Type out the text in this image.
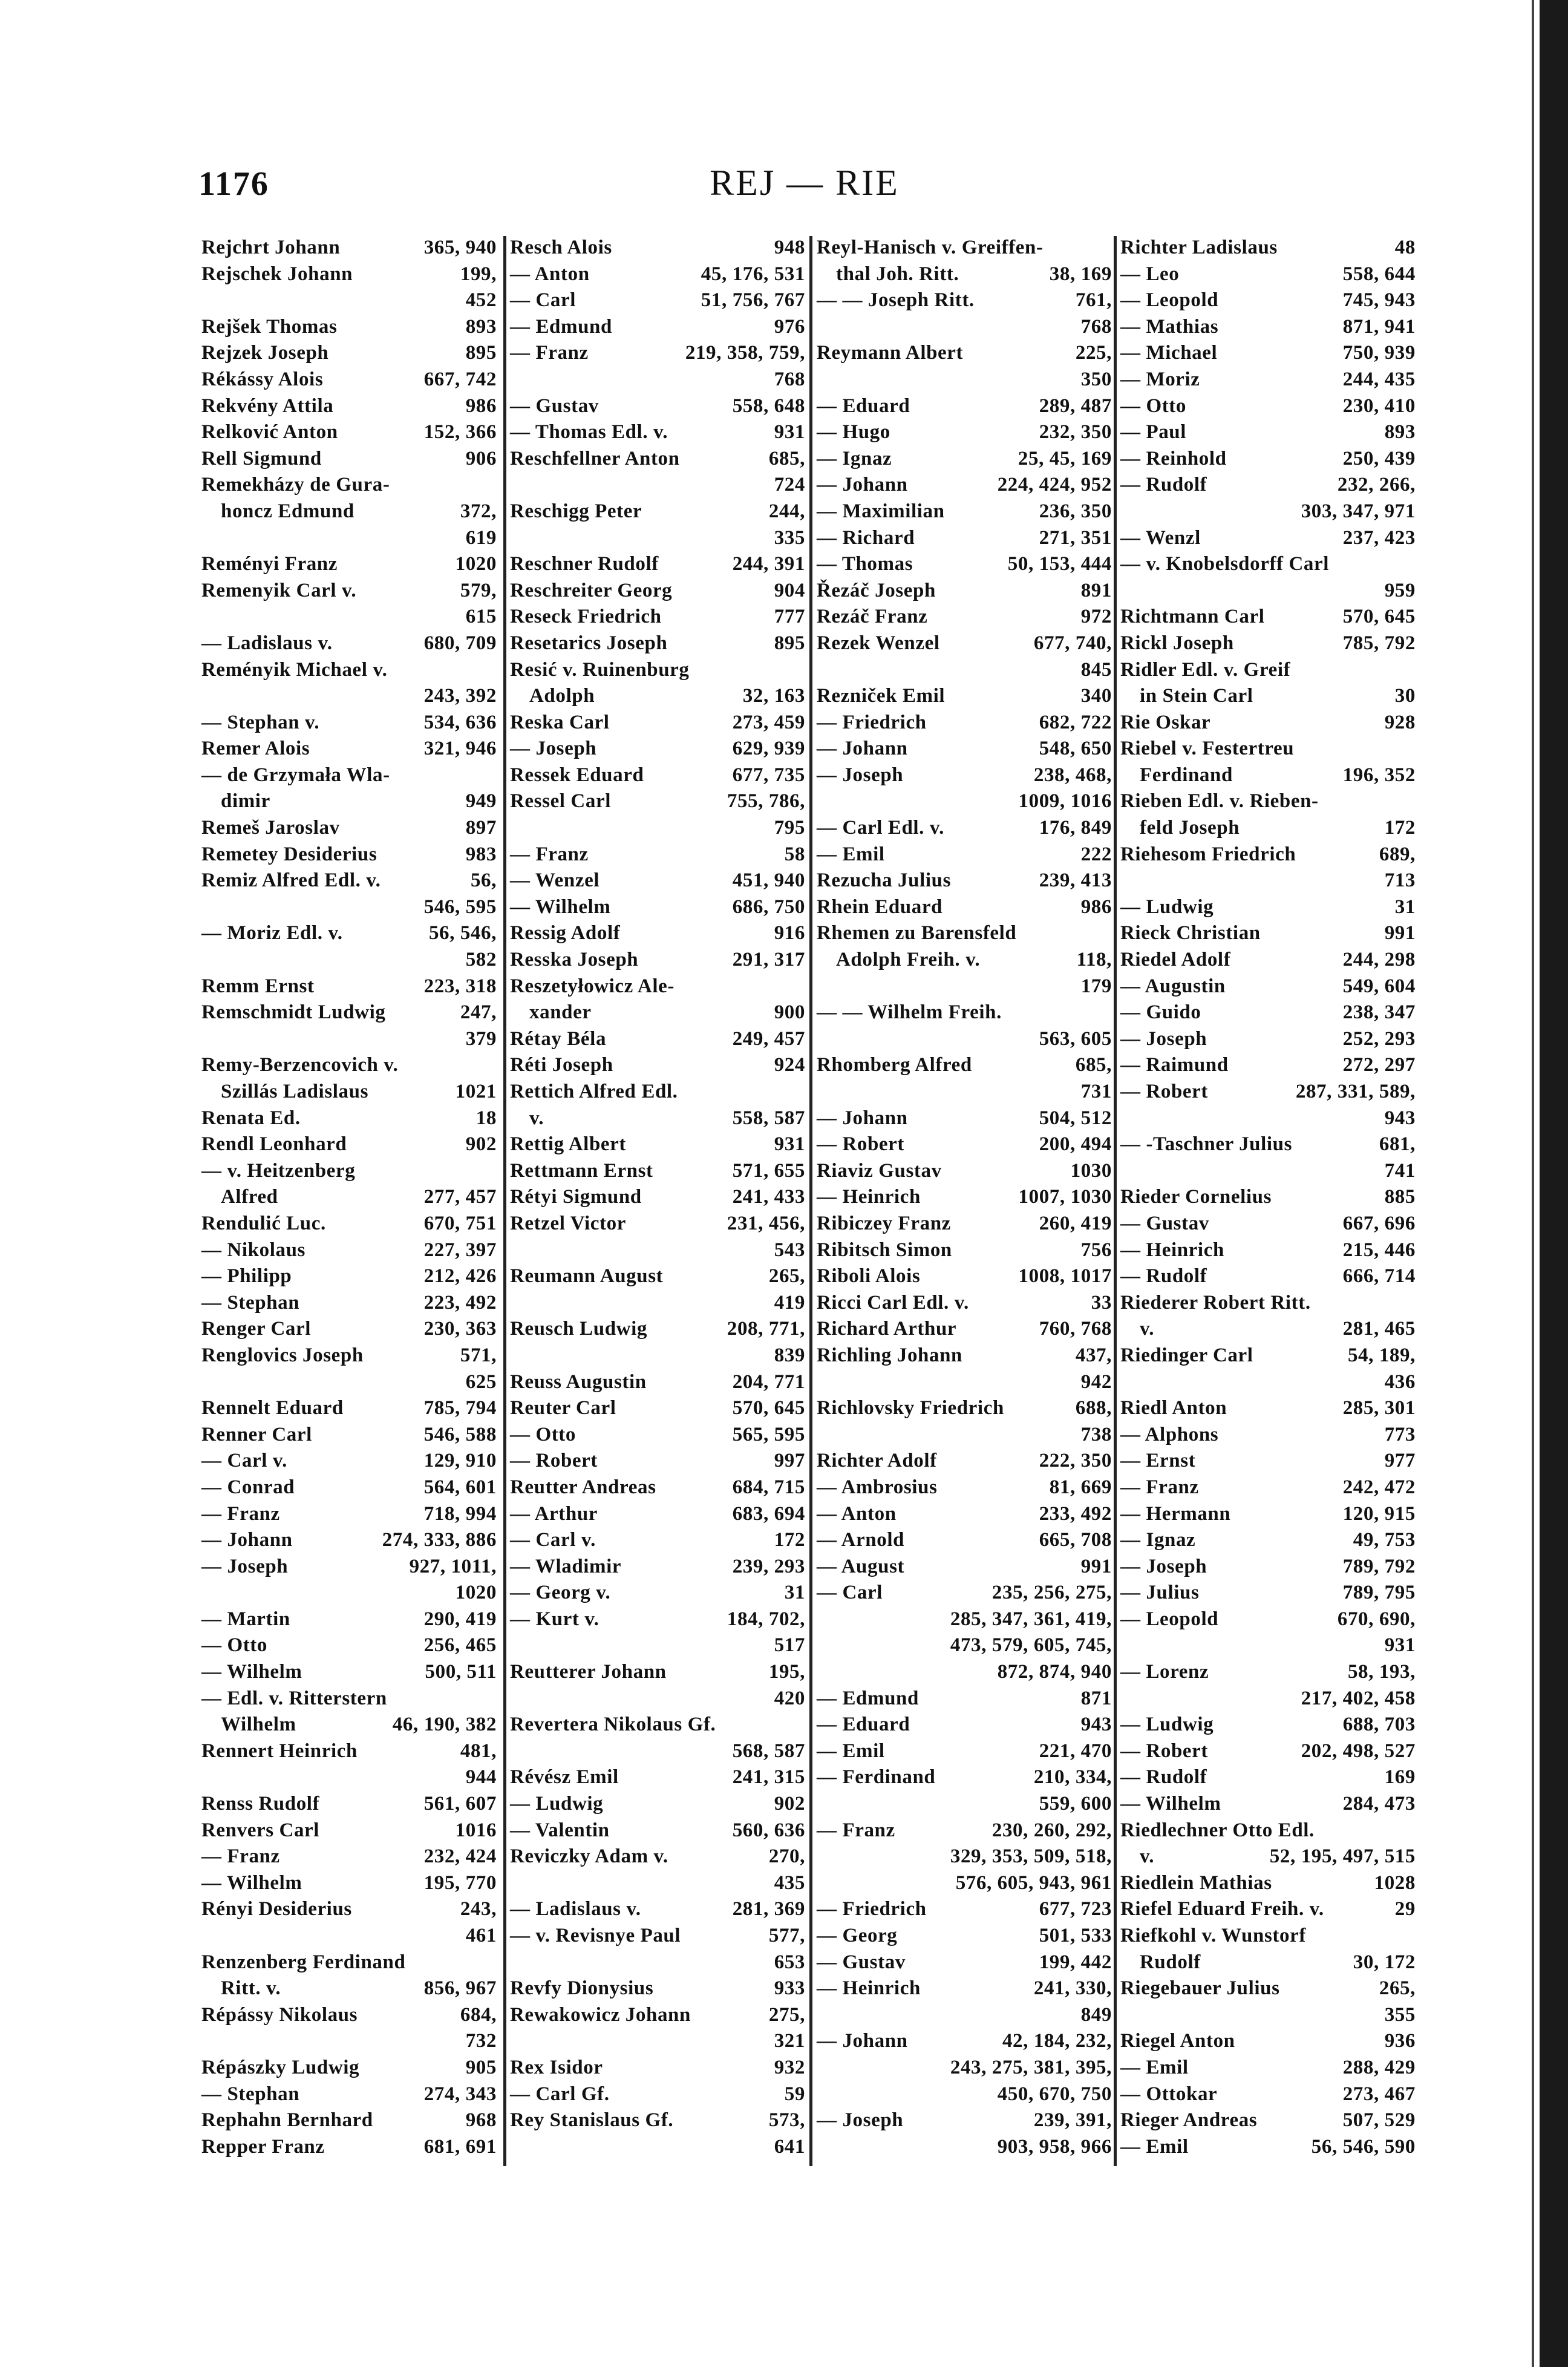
1176	REJ — RIE
Rejchrt Johann	365, 940
Rejschek Johann	199,
452
Rejšek Thomas	893
Rejzek Joseph	895
Rékássy Alois	667, 742
Rekvény Attila	986
Relković Anton	152, 366
Rell Sigmund	906
Remekházy de Gura-
honcz Edmund	372,
619
Reményi Franz	1020
Remenyik Carl v.	579,
615
— Ladislaus v.	680, 709
Reményik Michael v.
243, 392
— Stephan v.	534, 636
Remer Alois	321, 946
— de Grzymała Wla-
dimir	949
Remeš Jaroslav	897
Remetey Desiderius	983
Remiz Alfred Edl. v.	56,
546, 595
— Moriz Edl. v.	56, 546,
582
Remm Ernst	223, 318
Remschmidt Ludwig	247,
379
Remy-Berzencovich v.
Szillás Ladislaus	1021
Renata Ed.	18
Rendl Leonhard	902
— v. Heitzenberg
Alfred	277, 457
Rendulić Luc.	670, 751
— Nikolaus	227, 397
— Philipp	212, 426
— Stephan	223, 492
Renger Carl	230, 363
Renglovics Joseph	571,
625
Rennelt Eduard	785, 794
Renner Carl	546, 588
— Carl v.	129, 910
— Conrad	564, 601
— Franz	718, 994
— Johann	274, 333, 886
— Joseph	927, 1011,
1020
— Martin	290, 419
— Otto	256, 465
— Wilhelm	500, 511
— Edl. v. Ritterstern
Wilhelm	46, 190, 382
Rennert Heinrich	481,
944
Renss Rudolf	561, 607
Renvers Carl	1016
— Franz	232, 424
— Wilhelm	195, 770
Rényi Desiderius	243,
461
Renzenberg Ferdinand
Ritt. v.	856, 967
Répássy Nikolaus	684,
732
Répászky Ludwig	905
— Stephan	274, 343
Rephahn Bernhard	968
Repper Franz	681, 691
Resch Alois	948
— Anton	45, 176, 531
— Carl	51, 756, 767
— Edmund	976
— Franz	219, 358, 759,
768
— Gustav	558, 648
— Thomas Edl. v.	931
Reschfellner Anton	685,
724
Reschigg Peter	244,
335
Reschner Rudolf	244, 391
Reschreiter Georg	904
Reseck Friedrich	777
Resetarics Joseph	895
Resić v. Ruinenburg
Adolph	32, 163
Reska Carl	273, 459
— Joseph	629, 939
Ressek Eduard	677, 735
Ressel Carl	755, 786,
795
— Franz	58
— Wenzel	451, 940
— Wilhelm	686, 750
Ressig Adolf	916
Resska Joseph	291, 317
Reszetyłowicz Ale-
xander	900
Rétay Béla	249, 457
Réti Joseph	924
Rettich Alfred Edl.
v.	558, 587
Rettig Albert	931
Rettmann Ernst	571, 655
Rétyi Sigmund	241, 433
Retzel Victor	231, 456,
543
Reumann August	265,
419
Reusch Ludwig	208, 771,
839
Reuss Augustin	204, 771
Reuter Carl	570, 645
— Otto	565, 595
— Robert	997
Reutter Andreas	684, 715
— Arthur	683, 694
— Carl v.	172
— Wladimir	239, 293
— Georg v.	31
— Kurt v.	184, 702,
517
Reutterer Johann	195,
420
Revertera Nikolaus Gf.
568, 587
Révész Emil	241, 315
— Ludwig	902
— Valentin	560, 636
Reviczky Adam v.	270,
435
— Ladislaus v.	281, 369
— v. Revisnye Paul	577,
653
Revfy Dionysius	933
Rewakowicz Johann	275,
321
Rex Isidor	932
— Carl Gf.	59
Rey Stanislaus Gf.	573,
641
Reyl-Hanisch v. Greiffen-
thal Joh. Ritt.	38, 169
— — Joseph Ritt.	761,
768
Reymann Albert	225,
350
— Eduard	289, 487
— Hugo	232, 350
— Ignaz	25, 45, 169
— Johann	224, 424, 952
— Maximilian	236, 350
— Richard	271, 351
— Thomas	50, 153, 444
Řezáč Joseph	891
Rezáč Franz	972
Rezek Wenzel	677, 740,
845
Rezniček Emil	340
— Friedrich	682, 722
— Johann	548, 650
— Joseph	238, 468,
1009, 1016
— Carl Edl. v.	176, 849
— Emil	222
Rezucha Julius	239, 413
Rhein Eduard	986
Rhemen zu Barensfeld
Adolph Freih. v.	118,
179
— — Wilhelm Freih.
563, 605
Rhomberg Alfred	685,
731
— Johann	504, 512
— Robert	200, 494
Riaviz Gustav	1030
— Heinrich	1007, 1030
Ribiczey Franz	260, 419
Ribitsch Simon	756
Riboli Alois	1008, 1017
Ricci Carl Edl. v.	33
Richard Arthur	760, 768
Richling Johann	437,
942
Richlovsky Friedrich	688,
738
Richter Adolf	222, 350
— Ambrosius	81, 669
— Anton	233, 492
— Arnold	665, 708
— August	991
— Carl	235, 256, 275,
285, 347, 361, 419,
473, 579, 605, 745,
872, 874, 940
— Edmund	871
— Eduard	943
— Emil	221, 470
— Ferdinand	210, 334,
559, 600
— Franz	230, 260, 292,
329, 353, 509, 518,
576, 605, 943, 961
— Friedrich	677, 723
— Georg	501, 533
— Gustav	199, 442
— Heinrich	241, 330,
849
— Johann	42, 184, 232,
243, 275, 381, 395,
450, 670, 750
— Joseph	239, 391,
903, 958, 966
Richter Ladislaus	48
— Leo	558, 644
— Leopold	745, 943
— Mathias	871, 941
— Michael	750, 939
— Moriz	244, 435
— Otto	230, 410
— Paul	893
— Reinhold	250, 439
— Rudolf	232, 266,
303, 347, 971
— Wenzl	237, 423
— v. Knobelsdorff Carl
959
Richtmann Carl	570, 645
Rickl Joseph	785, 792
Ridler Edl. v. Greif
in Stein Carl	30
Rie Oskar	928
Riebel v. Festertreu
Ferdinand	196, 352
Rieben Edl. v. Rieben-
feld Joseph	172
Riehesom Friedrich	689,
713
— Ludwig	31
Rieck Christian	991
Riedel Adolf	244, 298
— Augustin	549, 604
— Guido	238, 347
— Joseph	252, 293
— Raimund	272, 297
— Robert	287, 331, 589,
943
— -Taschner Julius	681,
741
Rieder Cornelius	885
— Gustav	667, 696
— Heinrich	215, 446
— Rudolf	666, 714
Riederer Robert Ritt.
v.	281, 465
Riedinger Carl	54, 189,
436
Riedl Anton	285, 301
— Alphons	773
— Ernst	977
— Franz	242, 472
— Hermann	120, 915
— Ignaz	49, 753
— Joseph	789, 792
— Julius	789, 795
— Leopold	670, 690,
931
— Lorenz	58, 193,
217, 402, 458
— Ludwig	688, 703
— Robert	202, 498, 527
— Rudolf	169
— Wilhelm	284, 473
Riedlechner Otto Edl.
v.	52, 195, 497, 515
Riedlein Mathias	1028
Riefel Eduard Freih. v.	29
Riefkohl v. Wunstorf
Rudolf	30, 172
Riegebauer Julius	265,
355
Riegel Anton	936
— Emil	288, 429
— Ottokar	273, 467
Rieger Andreas	507, 529
— Emil	56, 546, 590
